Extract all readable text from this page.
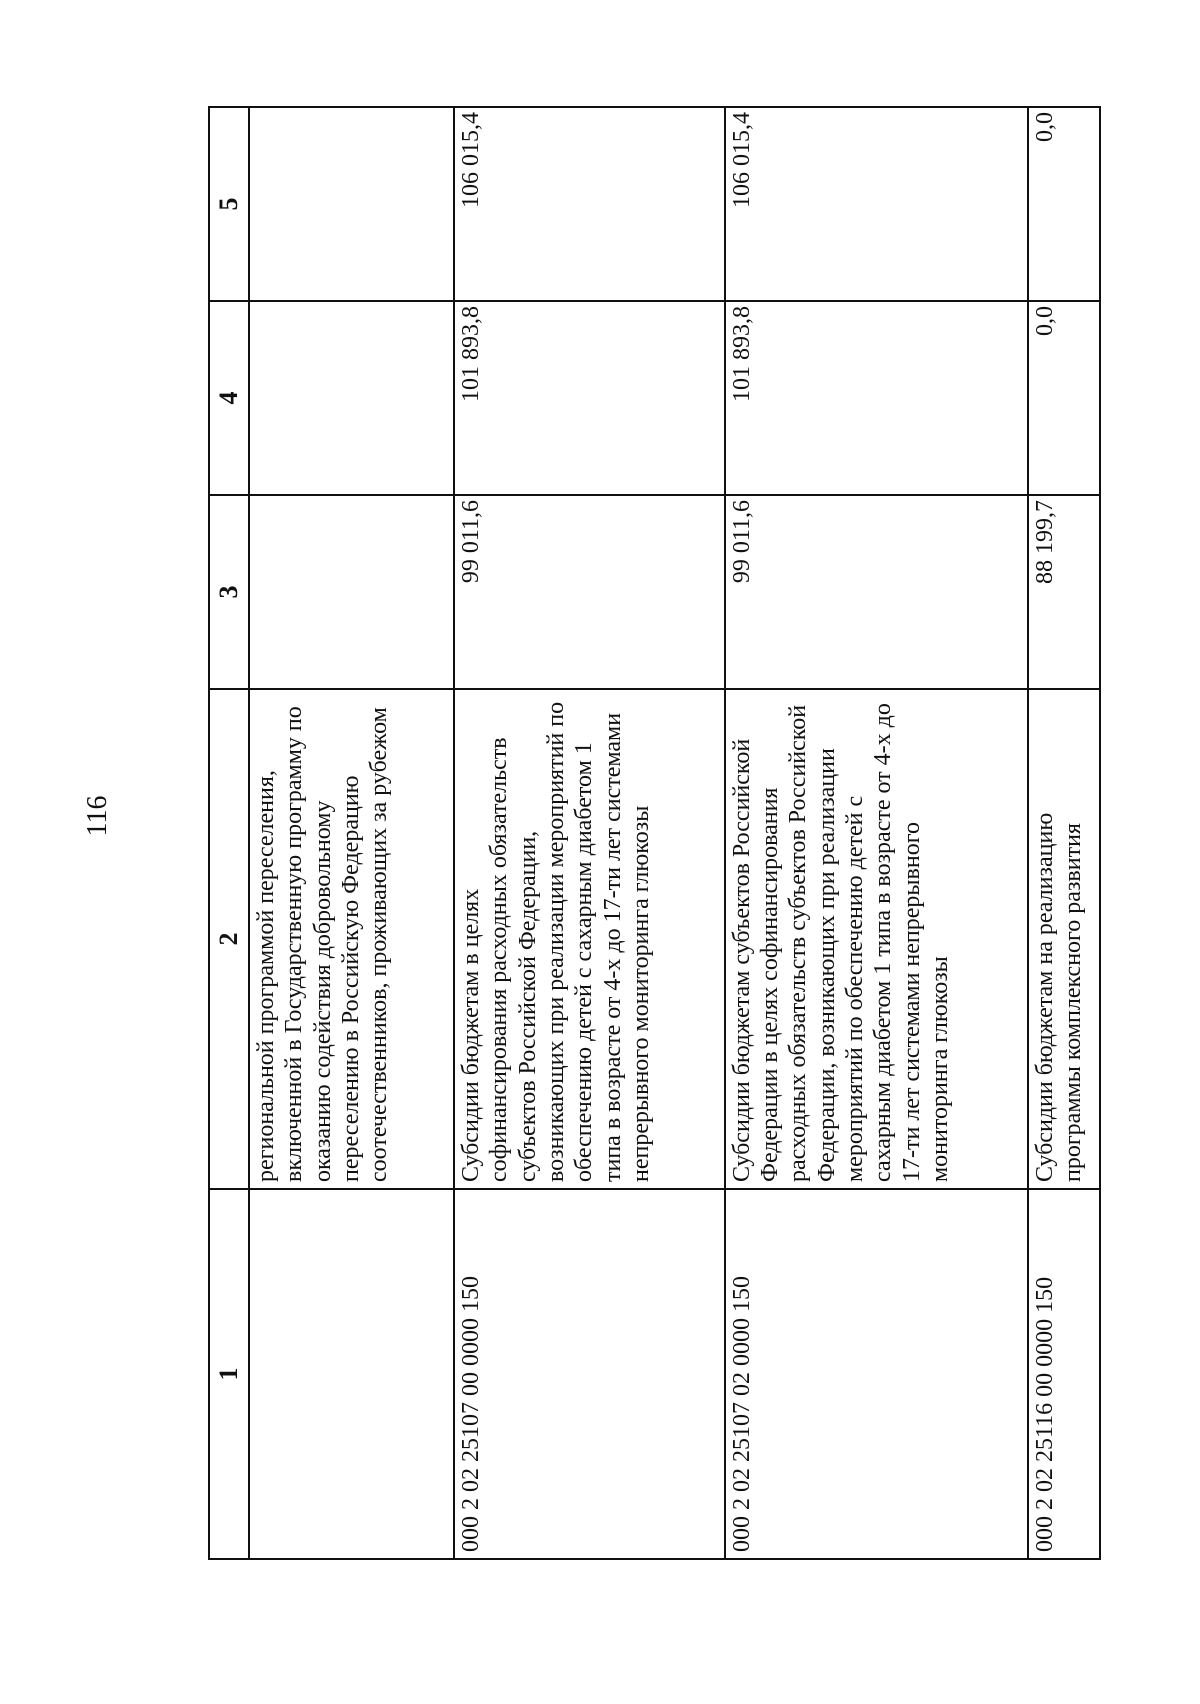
116
1	2	3	4	5
	региональной программой переселения, включенной в Государственную программу по оказанию содействия добровольному переселению в Российскую Федерацию соотечественников, проживающих за рубежом			
000 2 02 25107 00 0000 150	Субсидии бюджетам в целях софинансирования расходных обязательств субъектов Российской Федерации, возникающих при реализации мероприятий по обеспечению детей с сахарным диабетом 1 типа в возрасте от 4-х до 17-ти лет системами непрерывного мониторинга глюкозы	99 011,6	101 893,8	106 015,4
000 2 02 25107 02 0000 150	Субсидии бюджетам субъектов Российской Федерации в целях софинансирования расходных обязательств субъектов Российской Федерации, возникающих при реализации мероприятий по обеспечению детей с сахарным диабетом 1 типа в возрасте от 4-х до 17-ти лет системами непрерывного мониторинга глюкозы	99 011,6	101 893,8	106 015,4
000 2 02 25116 00 0000 150	Субсидии бюджетам на реализацию программы комплексного развития	88 199,7	0,0	0,0
